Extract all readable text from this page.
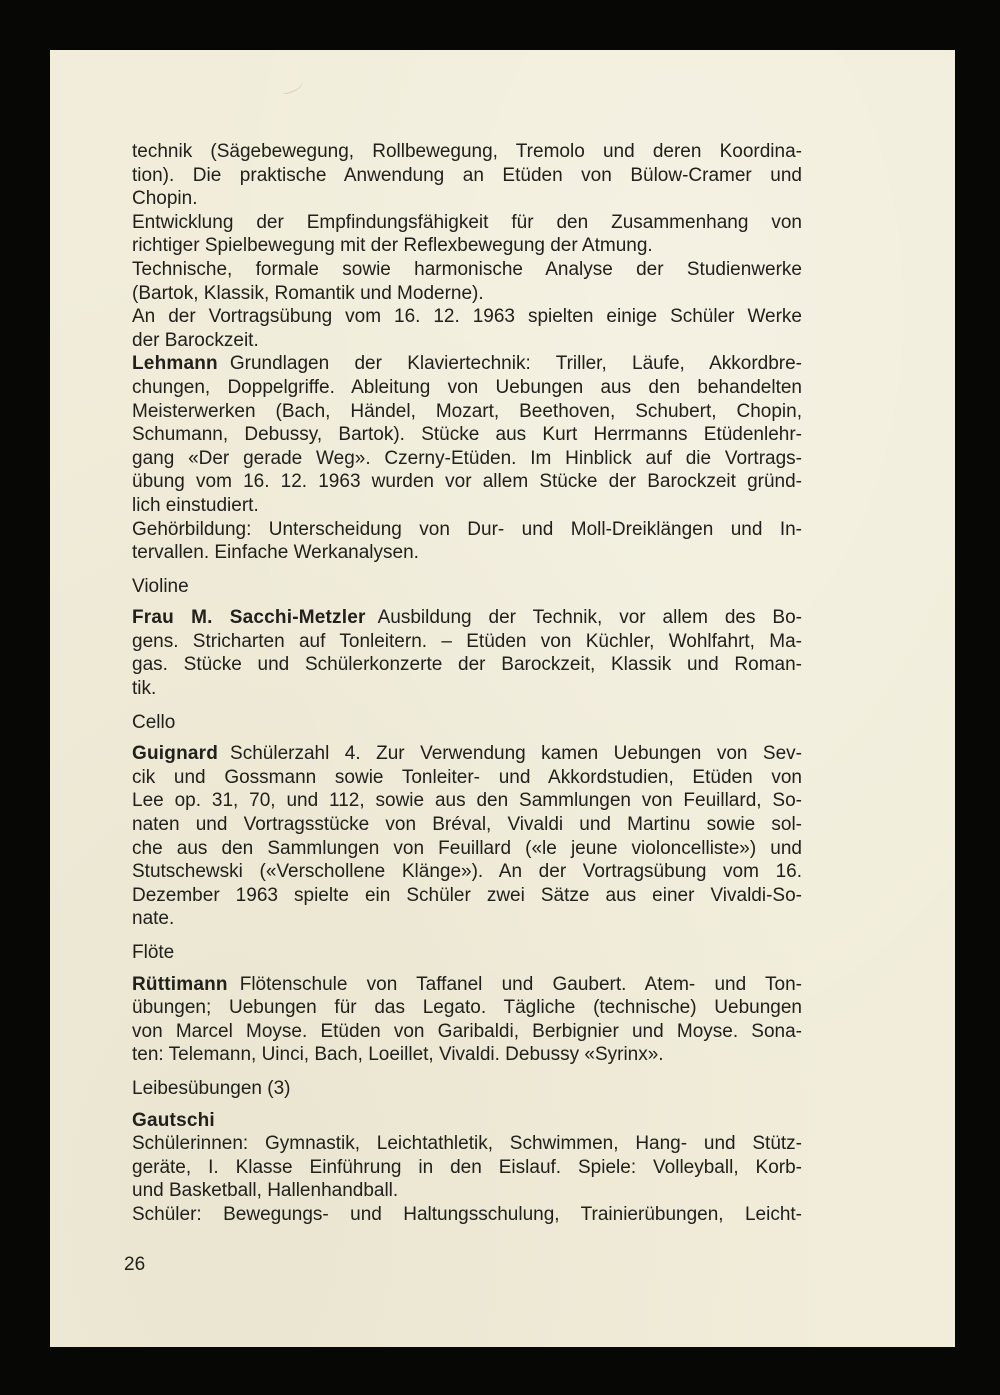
technik (Sägebewegung, Rollbewegung, Tremolo und deren Koordina-
tion). Die praktische Anwendung an Etüden von Bülow-Cramer und
Chopin.
Entwicklung der Empfindungsfähigkeit für den Zusammenhang von
richtiger Spielbewegung mit der Reflexbewegung der Atmung.
Technische, formale sowie harmonische Analyse der Studienwerke
(Bartok, Klassik, Romantik und Moderne).
An der Vortragsübung vom 16. 12. 1963 spielten einige Schüler Werke
der Barockzeit.
Lehmann Grundlagen der Klaviertechnik: Triller, Läufe, Akkordbre-
chungen, Doppelgriffe. Ableitung von Uebungen aus den behandelten
Meisterwerken (Bach, Händel, Mozart, Beethoven, Schubert, Chopin,
Schumann, Debussy, Bartok). Stücke aus Kurt Herrmanns Etüdenlehr-
gang «Der gerade Weg». Czerny-Etüden. Im Hinblick auf die Vortrags-
übung vom 16. 12. 1963 wurden vor allem Stücke der Barockzeit gründ-
lich einstudiert.
Gehörbildung: Unterscheidung von Dur- und Moll-Dreiklängen und In-
tervallen. Einfache Werkanalysen.
Violine
Frau M. Sacchi-Metzler Ausbildung der Technik, vor allem des Bo-
gens. Stricharten auf Tonleitern. – Etüden von Küchler, Wohlfahrt, Ma-
gas. Stücke und Schülerkonzerte der Barockzeit, Klassik und Roman-
tik.
Cello
Guignard Schülerzahl 4. Zur Verwendung kamen Uebungen von Sev-
cik und Gossmann sowie Tonleiter- und Akkordstudien, Etüden von
Lee op. 31, 70, und 112, sowie aus den Sammlungen von Feuillard, So-
naten und Vortragsstücke von Bréval, Vivaldi und Martinu sowie sol-
che aus den Sammlungen von Feuillard («le jeune violoncelliste») und
Stutschewski («Verschollene Klänge»). An der Vortragsübung vom 16.
Dezember 1963 spielte ein Schüler zwei Sätze aus einer Vivaldi-So-
nate.
Flöte
Rüttimann Flötenschule von Taffanel und Gaubert. Atem- und Ton-
übungen; Uebungen für das Legato. Tägliche (technische) Uebungen
von Marcel Moyse. Etüden von Garibaldi, Berbignier und Moyse. Sona-
ten: Telemann, Uinci, Bach, Loeillet, Vivaldi. Debussy «Syrinx».
Leibesübungen (3)
Gautschi
Schülerinnen: Gymnastik, Leichtathletik, Schwimmen, Hang- und Stütz-
geräte, I. Klasse Einführung in den Eislauf. Spiele: Volleyball, Korb-
und Basketball, Hallenhandball.
Schüler: Bewegungs- und Haltungsschulung, Trainierübungen, Leicht-
26
